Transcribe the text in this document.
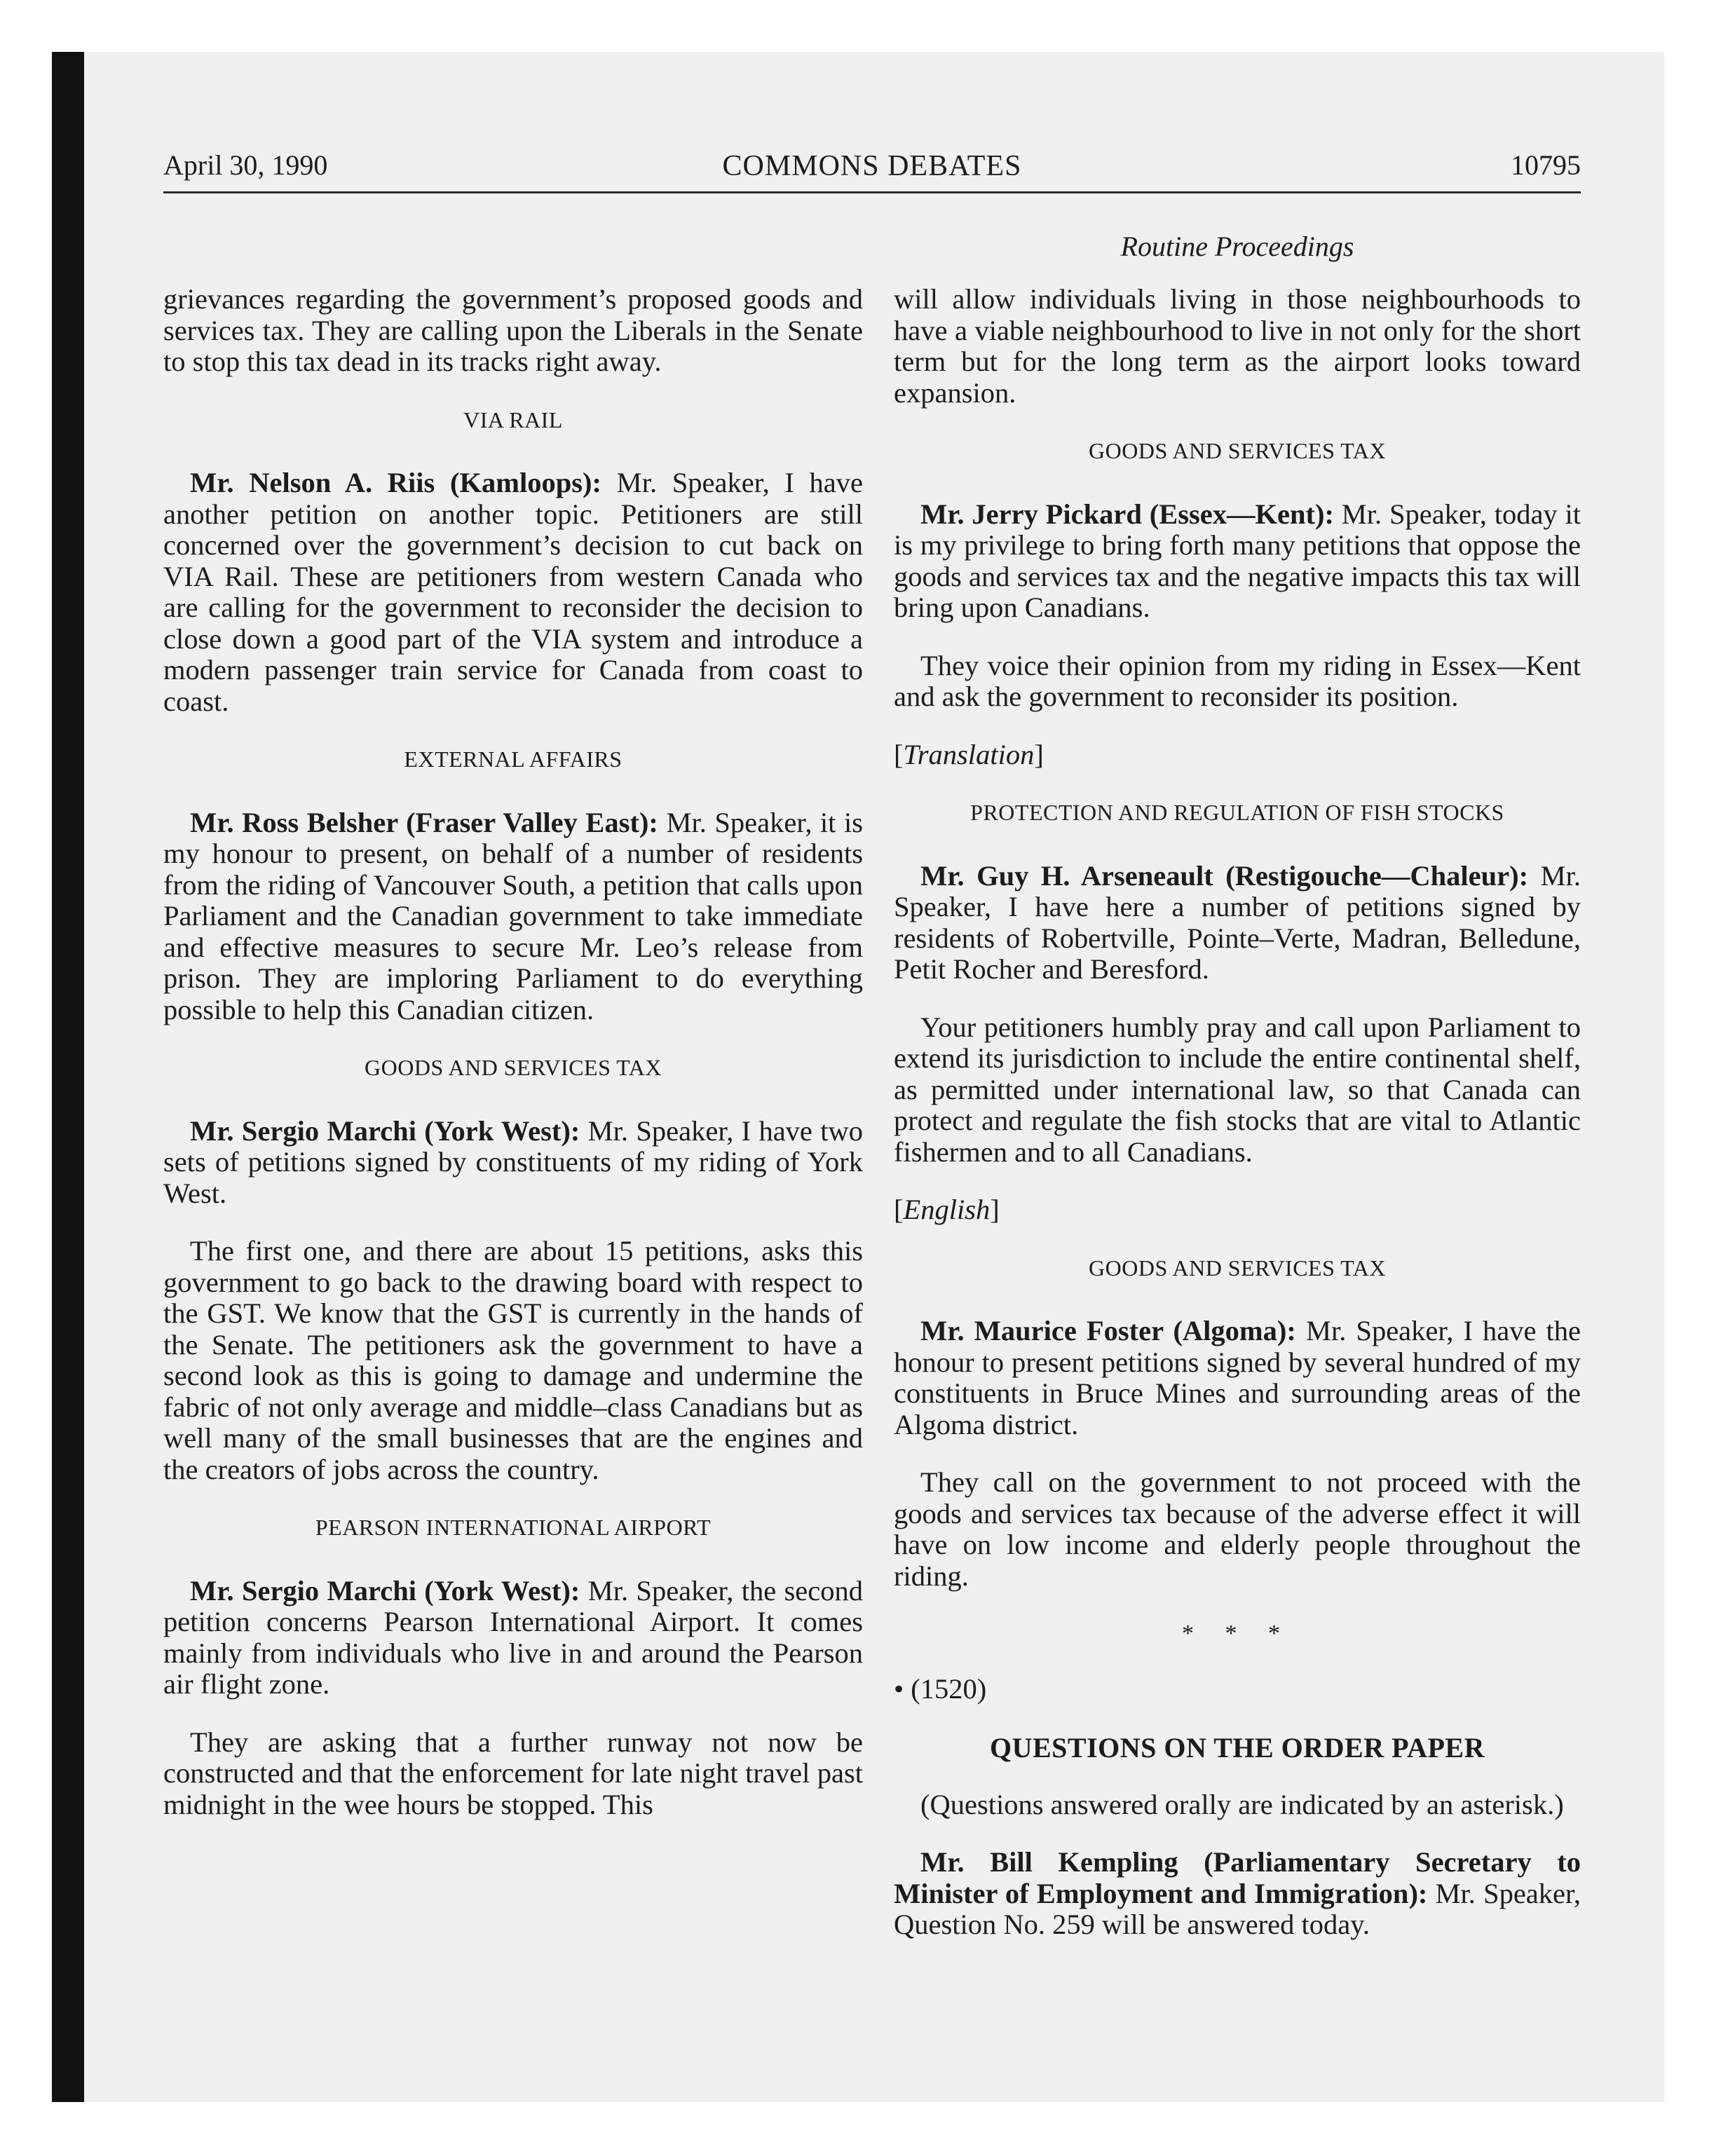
April 30, 1990	COMMONS DEBATES	10795
Routine Proceedings

grievances regarding the government’s proposed goods and services tax. They are calling upon the Liberals in the Senate to stop this tax dead in its tracks right away.

VIA RAIL

Mr. Nelson A. Riis (Kamloops): Mr. Speaker, I have another petition on another topic. Petitioners are still concerned over the government’s decision to cut back on VIA Rail. These are petitioners from western Canada who are calling for the government to reconsider the decision to close down a good part of the VIA system and introduce a modern passenger train service for Canada from coast to coast.

EXTERNAL AFFAIRS

Mr. Ross Belsher (Fraser Valley East): Mr. Speaker, it is my honour to present, on behalf of a number of residents from the riding of Vancouver South, a petition that calls upon Parliament and the Canadian government to take immediate and effective measures to secure Mr. Leo’s release from prison. They are imploring Parliament to do everything possible to help this Canadian citizen.

GOODS AND SERVICES TAX

Mr. Sergio Marchi (York West): Mr. Speaker, I have two sets of petitions signed by constituents of my riding of York West.

The first one, and there are about 15 petitions, asks this government to go back to the drawing board with respect to the GST. We know that the GST is currently in the hands of the Senate. The petitioners ask the government to have a second look as this is going to damage and undermine the fabric of not only average and middle–class Canadians but as well many of the small businesses that are the engines and the creators of jobs across the country.

PEARSON INTERNATIONAL AIRPORT

Mr. Sergio Marchi (York West): Mr. Speaker, the second petition concerns Pearson International Airport. It comes mainly from individuals who live in and around the Pearson air flight zone.

They are asking that a further runway not now be constructed and that the enforcement for late night travel past midnight in the wee hours be stopped. This

will allow individuals living in those neighbourhoods to have a viable neighbourhood to live in not only for the short term but for the long term as the airport looks toward expansion.

GOODS AND SERVICES TAX

Mr. Jerry Pickard (Essex—Kent): Mr. Speaker, today it is my privilege to bring forth many petitions that oppose the goods and services tax and the negative impacts this tax will bring upon Canadians.

They voice their opinion from my riding in Essex—Kent and ask the government to reconsider its position.

[Translation]

PROTECTION AND REGULATION OF FISH STOCKS

Mr. Guy H. Arseneault (Restigouche—Chaleur): Mr. Speaker, I have here a number of petitions signed by residents of Robertville, Pointe–Verte, Madran, Belledune, Petit Rocher and Beresford.

Your petitioners humbly pray and call upon Parliament to extend its jurisdiction to include the entire continental shelf, as permitted under international law, so that Canada can protect and regulate the fish stocks that are vital to Atlantic fishermen and to all Canadians.

[English]

GOODS AND SERVICES TAX

Mr. Maurice Foster (Algoma): Mr. Speaker, I have the honour to present petitions signed by several hundred of my constituents in Bruce Mines and surrounding areas of the Algoma district.

They call on the government to not proceed with the goods and services tax because of the adverse effect it will have on low income and elderly people throughout the riding.

* * *
• (1520)
QUESTIONS ON THE ORDER PAPER

(Questions answered orally are indicated by an asterisk.)

Mr. Bill Kempling (Parliamentary Secretary to Minister of Employment and Immigration): Mr. Speaker, Question No. 259 will be answered today.
